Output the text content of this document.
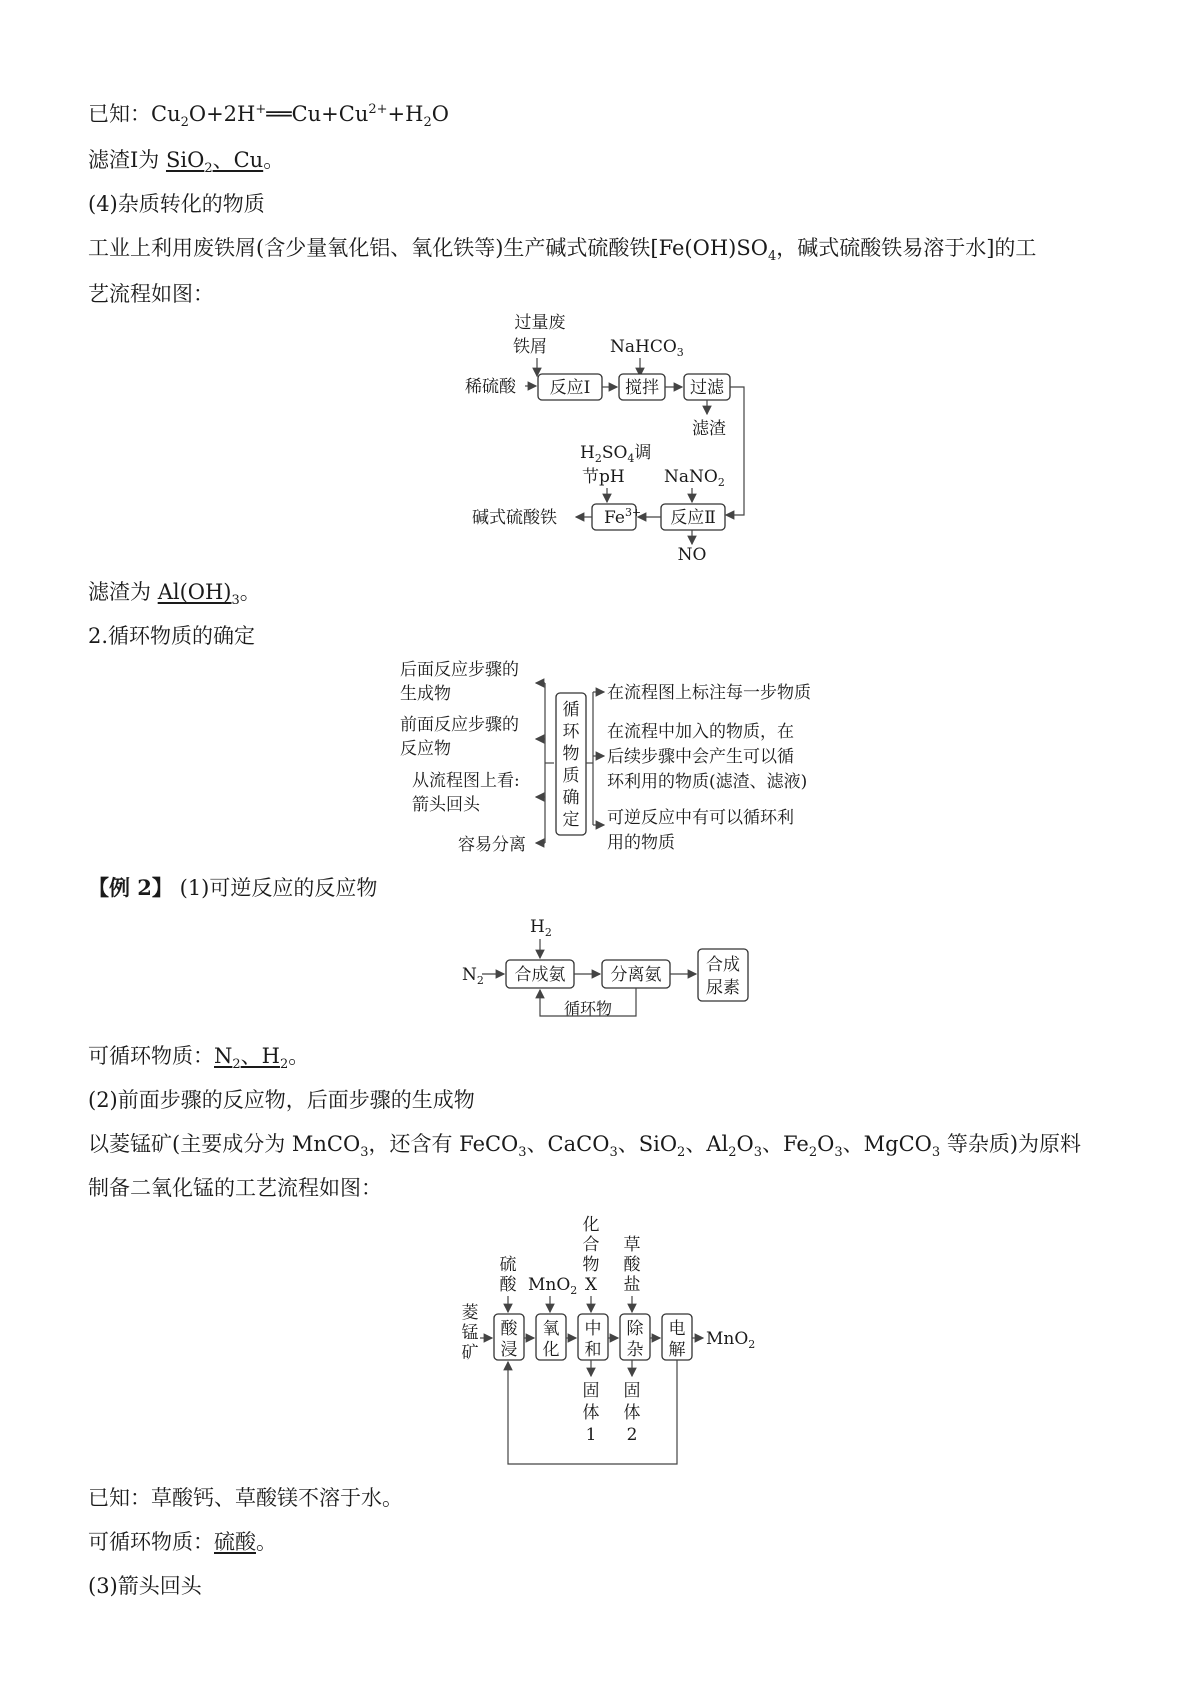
已知：$Cu_2O+2H^+══Cu+Cu^{2+}+H_2O$
滤渣Ⅰ为 SiO$_2$、Cu。
(4)杂质转化的物质
工业上利用废铁屑(含少量氧化铝、氧化铁等)生产碱式硫酸铁[$Fe(OH)SO_4$，碱式硫酸铁易溶于水]的工
艺流程如图：
过量废
铁屑	NaHCO$_3$
稀硫酸 反应Ⅰ 搅拌 过滤
滤渣
$H_2SO_4$调
节pH NaNO$_2$
反应Ⅱ
NO
$Fe^{3+}$
碱式硫酸铁
滤渣为 $Al(OH)_3$。
2.循环物质的确定
后面反应步骤的
生成物
前面反应步骤的
反应物
从流程图上看:
箭头回头
容易分离
循
环
物
质
确
定
在流程图上标注每一步物质
在流程中加入的物质，在
后续步骤中会产生可以循
环利用的物质(滤渣、滤液)
可逆反应中有可以循环利
用的物质
【例 2】 (1)可逆反应的反应物
$H_2$
$N_2$ 合成氨	分离氨	合成
尿素
循环物
可循环物质：$N_2$、$H_2$。
(2)前面步骤的反应物，后面步骤的生成物
以菱锰矿(主要成分为 MnCO$_3$，还含有 FeCO$_3$、CaCO$_3$、SiO$_2$、$Al_2O_3$、$Fe_2O_3$、MgCO$_3$ 等杂质)为原料
制备二氧化锰的工艺流程如图：
菱
锰
矿
硫
酸
酸
浸
MnO$_2$
氧
化
化
合
物
X
中
和
草
酸
盐
除
杂
电
解
MnO$_2$
固
体
1
固
体
2
已知：草酸钙、草酸镁不溶于水。
可循环物质：硫酸。
(3)箭头回头
